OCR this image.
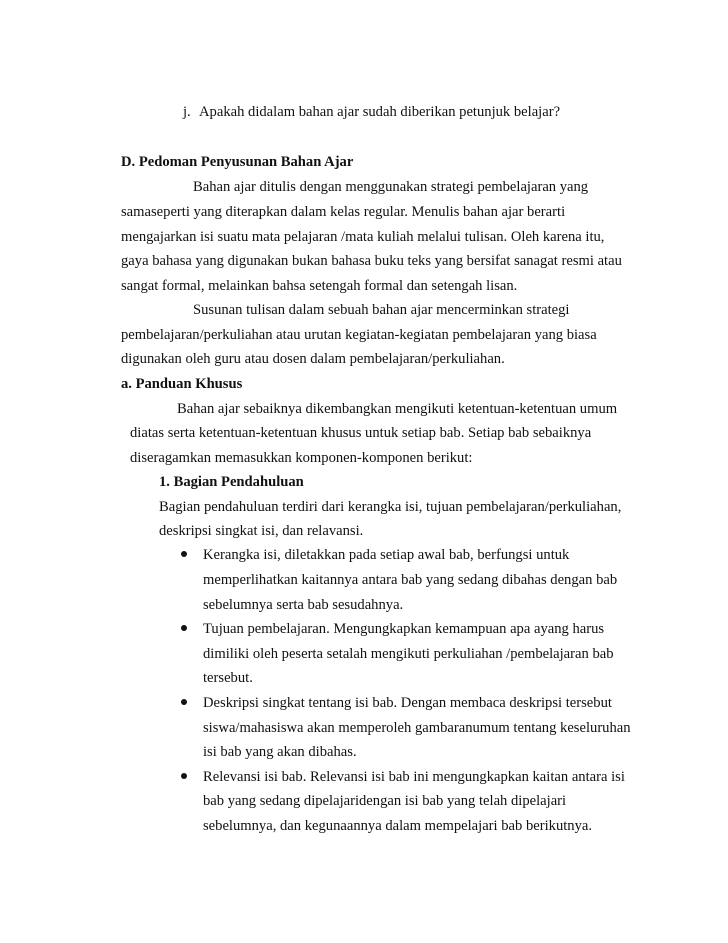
j. Apakah didalam bahan ajar sudah diberikan petunjuk belajar?
D. Pedoman Penyusunan Bahan Ajar
Bahan ajar ditulis dengan menggunakan strategi pembelajaran yang
samaseperti yang diterapkan dalam kelas regular. Menulis bahan ajar berarti
mengajarkan isi suatu mata pelajaran /mata kuliah melalui tulisan. Oleh karena itu,
gaya bahasa yang digunakan bukan bahasa buku teks yang bersifat sanagat resmi atau
sangat formal, melainkan bahsa setengah formal dan setengah lisan.
Susunan tulisan dalam sebuah bahan ajar mencerminkan strategi
pembelajaran/perkuliahan atau urutan kegiatan-kegiatan pembelajaran yang biasa
digunakan oleh guru atau dosen dalam pembelajaran/perkuliahan.
a. Panduan Khusus
Bahan ajar sebaiknya dikembangkan mengikuti ketentuan-ketentuan umum
diatas serta ketentuan-ketentuan khusus untuk setiap bab. Setiap bab sebaiknya
diseragamkan memasukkan komponen-komponen berikut:
1. Bagian Pendahuluan
Bagian pendahuluan terdiri dari kerangka isi, tujuan pembelajaran/perkuliahan,
deskripsi singkat isi, dan relavansi.
Kerangka isi, diletakkan pada setiap awal bab, berfungsi untuk
memperlihatkan kaitannya antara bab yang sedang dibahas dengan bab
sebelumnya serta bab sesudahnya.
Tujuan pembelajaran. Mengungkapkan kemampuan apa ayang harus
dimiliki oleh peserta setalah mengikuti perkuliahan /pembelajaran bab
tersebut.
Deskripsi singkat tentang isi bab. Dengan membaca deskripsi tersebut
siswa/mahasiswa akan memperoleh gambaranumum tentang keseluruhan
isi bab yang akan dibahas.
Relevansi isi bab. Relevansi isi bab ini mengungkapkan kaitan antara isi
bab yang sedang dipelajaridengan isi bab yang telah dipelajari
sebelumnya, dan kegunaannya dalam mempelajari bab berikutnya.
